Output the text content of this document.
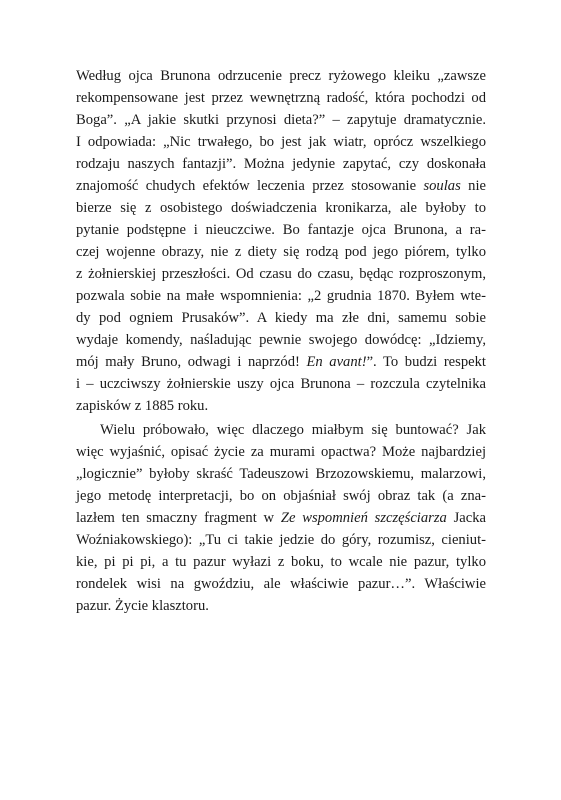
Według ojca Brunona odrzucenie precz ryżowego kleiku „zawsze
rekompensowane jest przez wewnętrzną radość, która pochodzi od
Boga”. „A jakie skutki przynosi dieta?” – zapytuje dramatycznie.
I odpowiada: „Nic trwałego, bo jest jak wiatr, oprócz wszelkiego
rodzaju naszych fantazji”. Można jedynie zapytać, czy doskonała
znajomość chudych efektów leczenia przez stosowanie soulas nie
bierze się z osobistego doświadczenia kronikarza, ale byłoby to
pytanie podstępne i nieuczciwe. Bo fantazje ojca Brunona, a ra-
czej wojenne obrazy, nie z diety się rodzą pod jego piórem, tylko
z żołnierskiej przeszłości. Od czasu do czasu, będąc rozproszonym,
pozwala sobie na małe wspomnienia: „2 grudnia 1870. Byłem wte-
dy pod ogniem Prusaków”. A kiedy ma złe dni, samemu sobie
wydaje komendy, naśladując pewnie swojego dowódcę: „Idziemy,
mój mały Bruno, odwagi i naprzód! En avant!”. To budzi respekt
i – uczciwszy żołnierskie uszy ojca Brunona – rozczula czytelnika
zapisków z 1885 roku.
Wielu próbowało, więc dlaczego miałbym się buntować? Jak
więc wyjaśnić, opisać życie za murami opactwa? Może najbardziej
„logicznie” byłoby skraść Tadeuszowi Brzozowskiemu, malarzowi,
jego metodę interpretacji, bo on objaśniał swój obraz tak (a zna-
lazłem ten smaczny fragment w Ze wspomnień szczęściarza Jacka
Woźniakowskiego): „Tu ci takie jedzie do góry, rozumisz, cieniut-
kie, pi pi pi, a tu pazur wyłazi z boku, to wcale nie pazur, tylko
rondelek wisi na gwoździu, ale właściwie pazur…”. Właściwie
pazur. Życie klasztoru.
